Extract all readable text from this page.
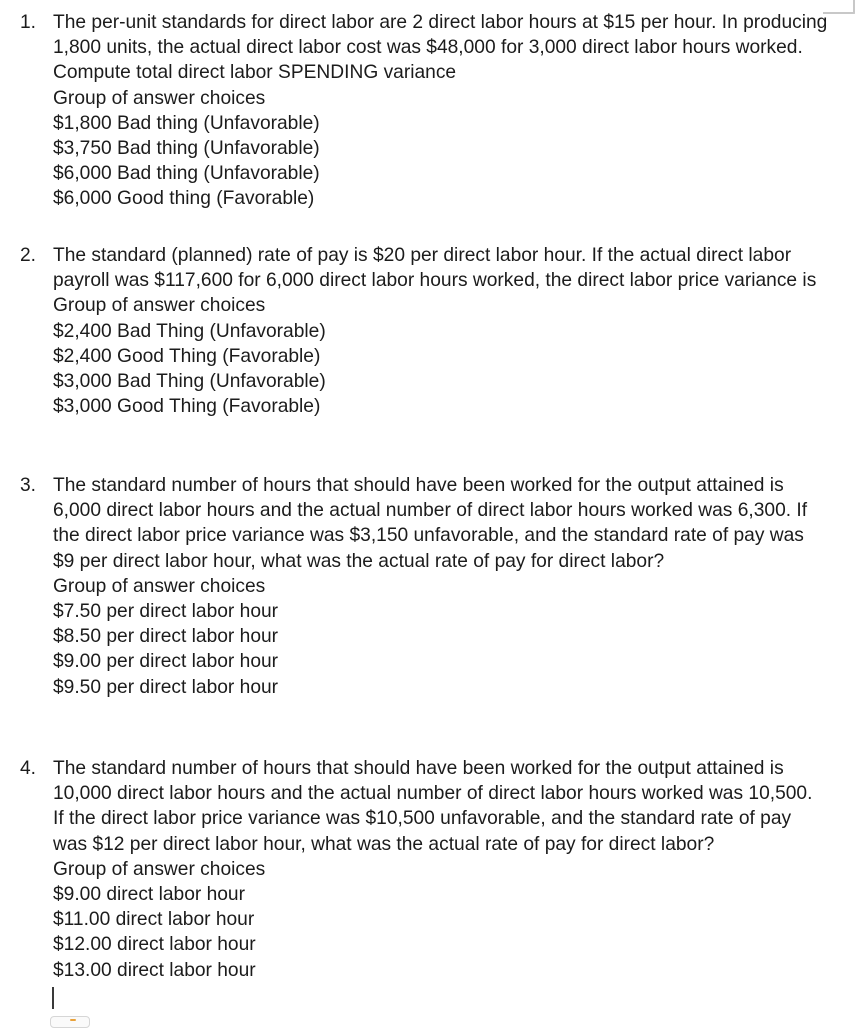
1. The per-unit standards for direct labor are 2 direct labor hours at $15 per hour. In producing 1,800 units, the actual direct labor cost was $48,000 for 3,000 direct labor hours worked. Compute total direct labor SPENDING variance
Group of answer choices
$1,800 Bad thing (Unfavorable)
$3,750 Bad thing (Unfavorable)
$6,000 Bad thing (Unfavorable)
$6,000 Good thing (Favorable)
2. The standard (planned) rate of pay is $20 per direct labor hour. If the actual direct labor payroll was $117,600 for 6,000 direct labor hours worked, the direct labor price variance is
Group of answer choices
$2,400 Bad Thing (Unfavorable)
$2,400 Good Thing (Favorable)
$3,000 Bad Thing (Unfavorable)
$3,000 Good Thing (Favorable)
3. The standard number of hours that should have been worked for the output attained is 6,000 direct labor hours and the actual number of direct labor hours worked was 6,300. If the direct labor price variance was $3,150 unfavorable, and the standard rate of pay was $9 per direct labor hour, what was the actual rate of pay for direct labor?
Group of answer choices
$7.50 per direct labor hour
$8.50 per direct labor hour
$9.00 per direct labor hour
$9.50 per direct labor hour
4. The standard number of hours that should have been worked for the output attained is 10,000 direct labor hours and the actual number of direct labor hours worked was 10,500. If the direct labor price variance was $10,500 unfavorable, and the standard rate of pay was $12 per direct labor hour, what was the actual rate of pay for direct labor?
Group of answer choices
$9.00 direct labor hour
$11.00 direct labor hour
$12.00 direct labor hour
$13.00 direct labor hour
